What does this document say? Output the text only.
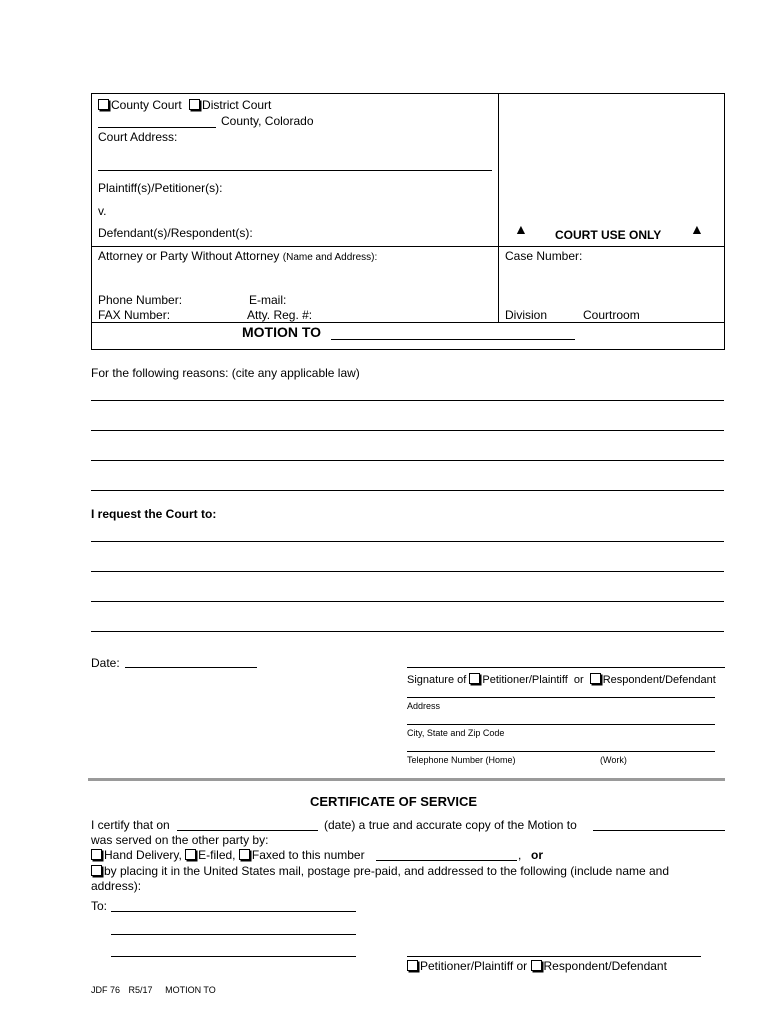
County Court District Court
County, Colorado
Court Address:
Plaintiff(s)/Petitioner(s):
v.
Defendant(s)/Respondent(s):	▲ COURT USE ONLY ▲
Attorney or Party Without Attorney (Name and Address):	Case Number:
Phone Number:	E-mail:
FAX Number:	Atty. Reg. #:	Division	Courtroom
MOTION TO
For the following reasons: (cite any applicable law)
I request the Court to:
Date:
Signature of Petitioner/Plaintiff or Respondent/Defendant
Address
City, State and Zip Code
Telephone Number (Home)	(Work)
CERTIFICATE OF SERVICE
I certify that on	(date) a true and accurate copy of the Motion to
was served on the other party by:
Hand Delivery, E-filed, Faxed to this number	, or
by placing it in the United States mail, postage pre-paid, and addressed to the following (include name and
address):
To:
Petitioner/Plaintiff or Respondent/Defendant
JDF 76 R5/17 MOTION TO
